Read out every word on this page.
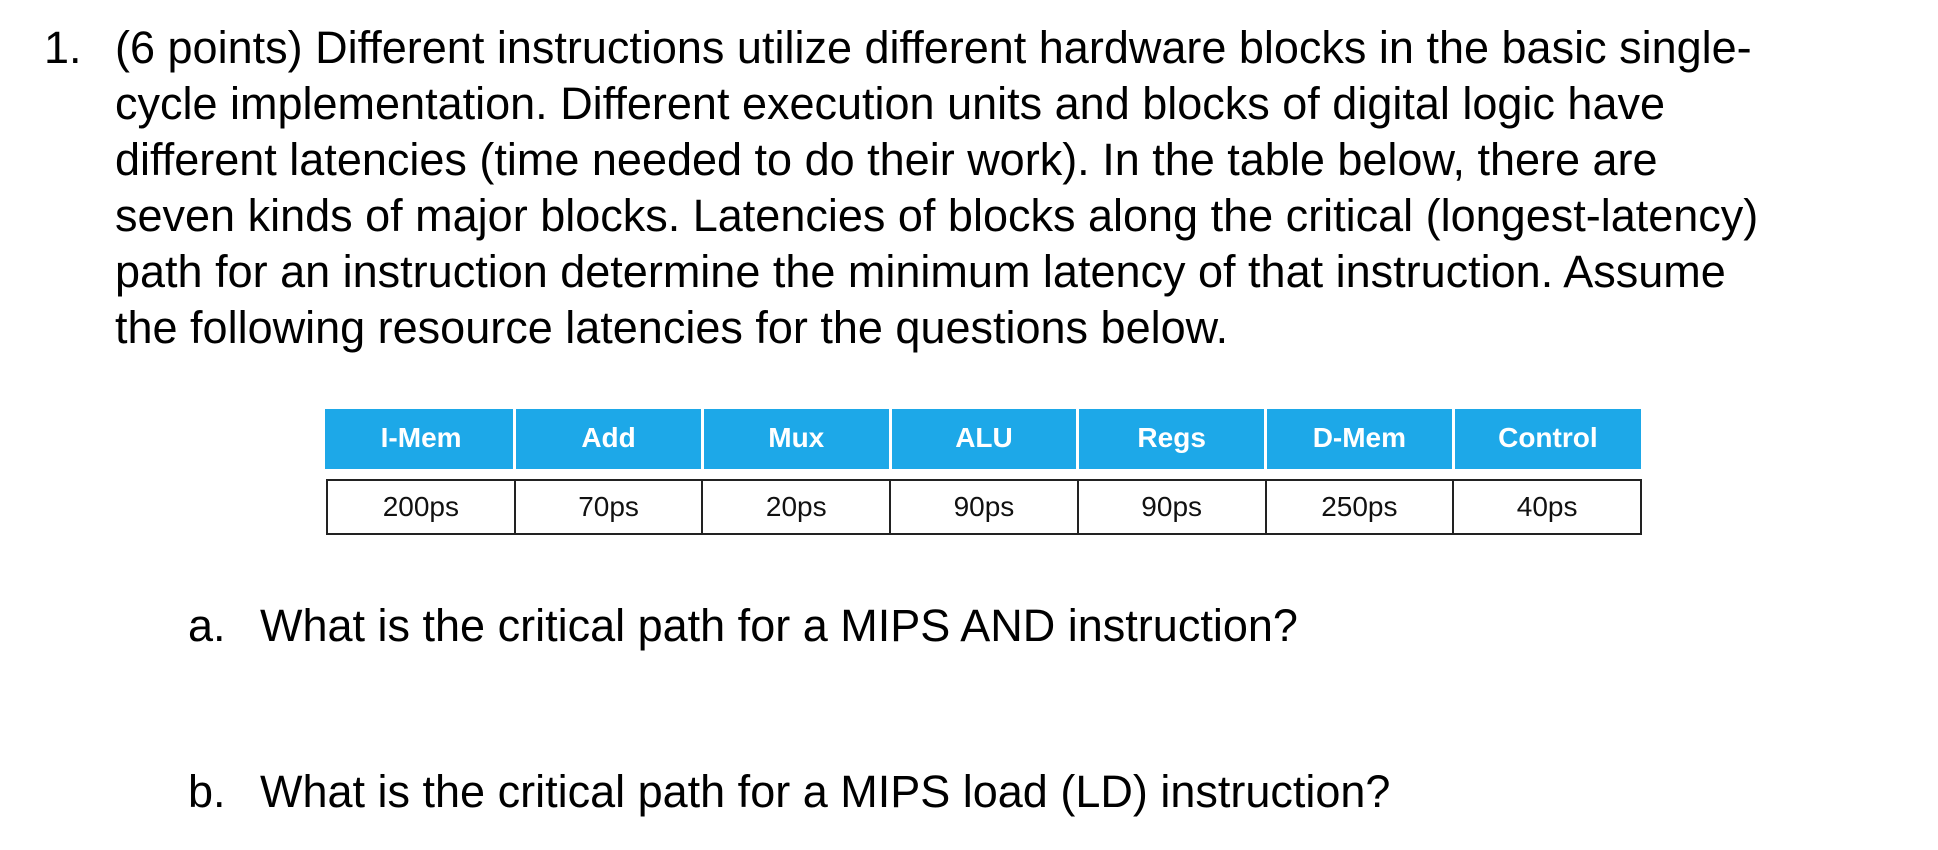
1. (6 points) Different instructions utilize different hardware blocks in the basic single-
cycle implementation. Different execution units and blocks of digital logic have
different latencies (time needed to do their work). In the table below, there are
seven kinds of major blocks. Latencies of blocks along the critical (longest-latency)
path for an instruction determine the minimum latency of that instruction. Assume
the following resource latencies for the questions below.
I-Mem	Add	Mux	ALU	Regs	D-Mem	Control

200ps	70ps	20ps	90ps	90ps	250ps	40ps
a. What is the critical path for a MIPS AND instruction?
b. What is the critical path for a MIPS load (LD) instruction?
